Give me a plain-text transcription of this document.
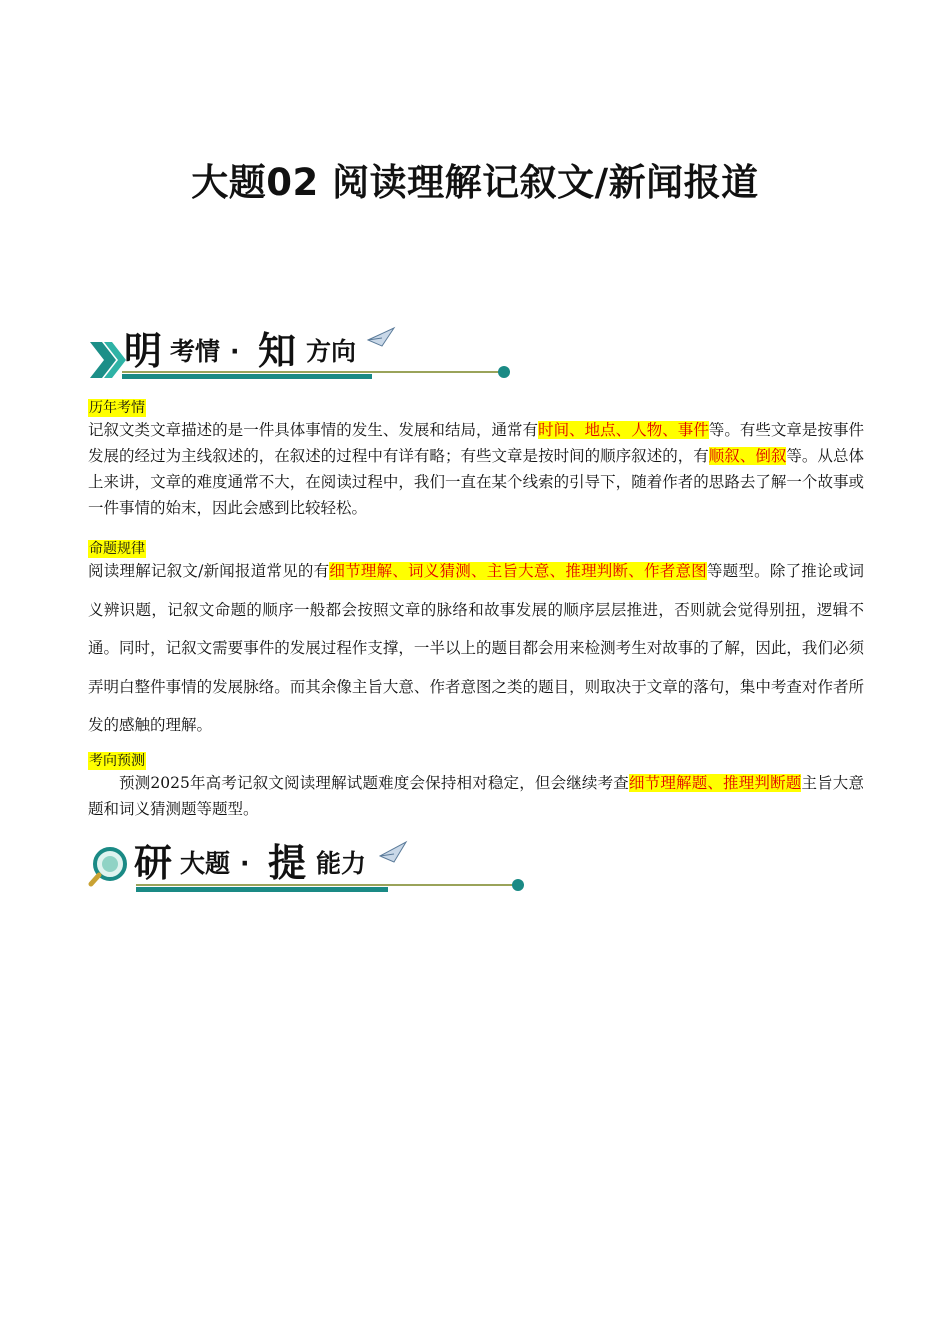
大题02 阅读理解记叙文/新闻报道
明 考情 · 知 方向
历年考情

记叙文类文章描述的是一件具体事情的发生、发展和结局，通常有时间、地点、人物、事件等。有些文章是按事件发展的经过为主线叙述的，在叙述的过程中有详有略；有些文章是按时间的顺序叙述的，有顺叙、倒叙等。从总体上来讲，文章的难度通常不大，在阅读过程中，我们一直在某个线索的引导下，随着作者的思路去了解一个故事或一件事情的始末，因此会感到比较轻松。

命题规律

阅读理解记叙文/新闻报道常见的有细节理解、词义猜测、主旨大意、推理判断、作者意图等题型。除了推论或词义辨识题，记叙文命题的顺序一般都会按照文章的脉络和故事发展的顺序层层推进，否则就会觉得别扭，逻辑不通。同时，记叙文需要事件的发展过程作支撑，一半以上的题目都会用来检测考生对故事的了解，因此，我们必须弄明白整件事情的发展脉络。而其余像主旨大意、作者意图之类的题目，则取决于文章的落句，集中考查对作者所发的感触的理解。

考向预测

预测2025年高考记叙文阅读理解试题难度会保持相对稳定，但会继续考查细节理解题、推理判断题主旨大意题和词义猜测题等题型。

研 大题 · 提 能力
